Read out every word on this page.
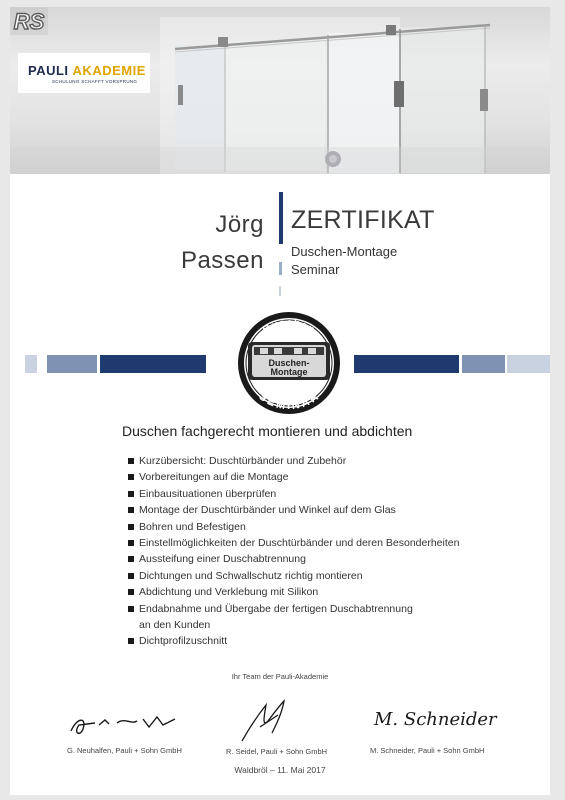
PAULI AKADEMIE
SCHULUNG SCHAFFT VORSPRUNG
RS
Jörg
Passen
ZERTIFIKAT
Duschen-Montage
Seminar
Duschen-
Montage
Duschen
SEMINAR
Duschen fachgerecht montieren und abdichten
Kurzübersicht: Duschtürbänder und Zubehör
Vorbereitungen auf die Montage
Einbausituationen überprüfen
Montage der Duschtürbänder und Winkel auf dem Glas
Bohren und Befestigen
Einstellmöglichkeiten der Duschtürbänder und deren Besonderheiten
Aussteifung einer Duschabtrennung
Dichtungen und Schwallschutz richtig montieren
Abdichtung und Verklebung mit Silikon
Endabnahme und Übergabe der fertigen Duschabtrennung
an den Kunden
Dichtprofilzuschnitt
Ihr Team der Pauli-Akademie
M. Schneider
G. Neuhalfen, Pauli + Sohn GmbH	R. Seidel, Pauli + Sohn GmbH	M. Schneider, Pauli + Sohn GmbH
Waldbröl – 11. Mai 2017
